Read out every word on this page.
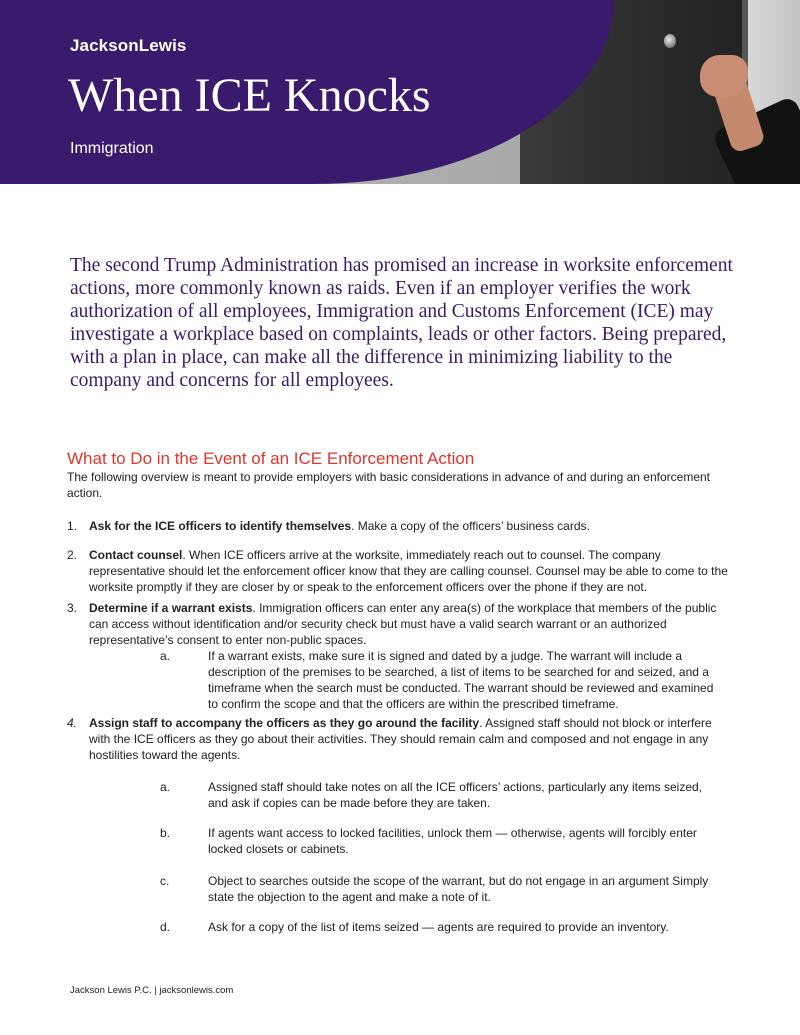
JacksonLewis
When ICE Knocks
Immigration

The second Trump Administration has promised an increase in worksite enforcement actions, more commonly known as raids. Even if an employer verifies the work authorization of all employees, Immigration and Customs Enforcement (ICE) may investigate a workplace based on complaints, leads or other factors. Being prepared, with a plan in place, can make all the difference in minimizing liability to the company and concerns for all employees.

What to Do in the Event of an ICE Enforcement Action

The following overview is meant to provide employers with basic considerations in advance of and during an enforcement action.

1. Ask for the ICE officers to identify themselves. Make a copy of the officers’ business cards.
2. Contact counsel. When ICE officers arrive at the worksite, immediately reach out to counsel. The company representative should let the enforcement officer know that they are calling counsel. Counsel may be able to come to the worksite promptly if they are closer by or speak to the enforcement officers over the phone if they are not.
3. Determine if a warrant exists. Immigration officers can enter any area(s) of the workplace that members of the public can access without identification and/or security check but must have a valid search warrant or an authorized representative’s consent to enter non-public spaces.
a.	If a warrant exists, make sure it is signed and dated by a judge. The warrant will include a description of the premises to be searched, a list of items to be searched for and seized, and a timeframe when the search must be conducted. The warrant should be reviewed and examined to confirm the scope and that the officers are within the prescribed timeframe.
4. Assign staff to accompany the officers as they go around the facility. Assigned staff should not block or interfere with the ICE officers as they go about their activities. They should remain calm and composed and not engage in any hostilities toward the agents.
a.	Assigned staff should take notes on all the ICE officers’ actions, particularly any items seized, and ask if copies can be made before they are taken.
b.	If agents want access to locked facilities, unlock them — otherwise, agents will forcibly enter locked closets or cabinets.
c.	Object to searches outside the scope of the warrant, but do not engage in an argument Simply state the objection to the agent and make a note of it.
d.	Ask for a copy of the list of items seized — agents are required to provide an inventory.
Jackson Lewis P.C. | jacksonlewis.com
